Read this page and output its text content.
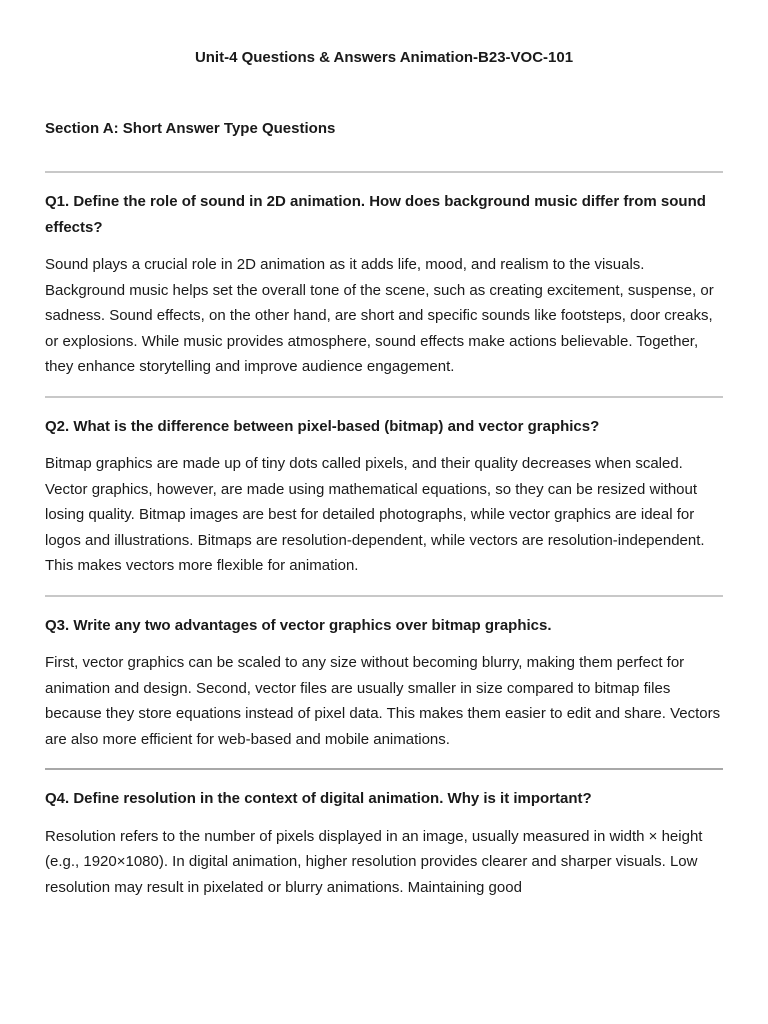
Unit-4 Questions & Answers Animation-B23-VOC-101
Section A: Short Answer Type Questions

Q1. Define the role of sound in 2D animation. How does background music differ from sound effects?

Sound plays a crucial role in 2D animation as it adds life, mood, and realism to the visuals. Background music helps set the overall tone of the scene, such as creating excitement, suspense, or sadness. Sound effects, on the other hand, are short and specific sounds like footsteps, door creaks, or explosions. While music provides atmosphere, sound effects make actions believable. Together, they enhance storytelling and improve audience engagement.

Q2. What is the difference between pixel-based (bitmap) and vector graphics?

Bitmap graphics are made up of tiny dots called pixels, and their quality decreases when scaled. Vector graphics, however, are made using mathematical equations, so they can be resized without losing quality. Bitmap images are best for detailed photographs, while vector graphics are ideal for logos and illustrations. Bitmaps are resolution-dependent, while vectors are resolution-independent. This makes vectors more flexible for animation.

Q3. Write any two advantages of vector graphics over bitmap graphics.

First, vector graphics can be scaled to any size without becoming blurry, making them perfect for animation and design. Second, vector files are usually smaller in size compared to bitmap files because they store equations instead of pixel data. This makes them easier to edit and share. Vectors are also more efficient for web-based and mobile animations.

Q4. Define resolution in the context of digital animation. Why is it important?

Resolution refers to the number of pixels displayed in an image, usually measured in width × height (e.g., 1920×1080). In digital animation, higher resolution provides clearer and sharper visuals. Low resolution may result in pixelated or blurry animations. Maintaining good
